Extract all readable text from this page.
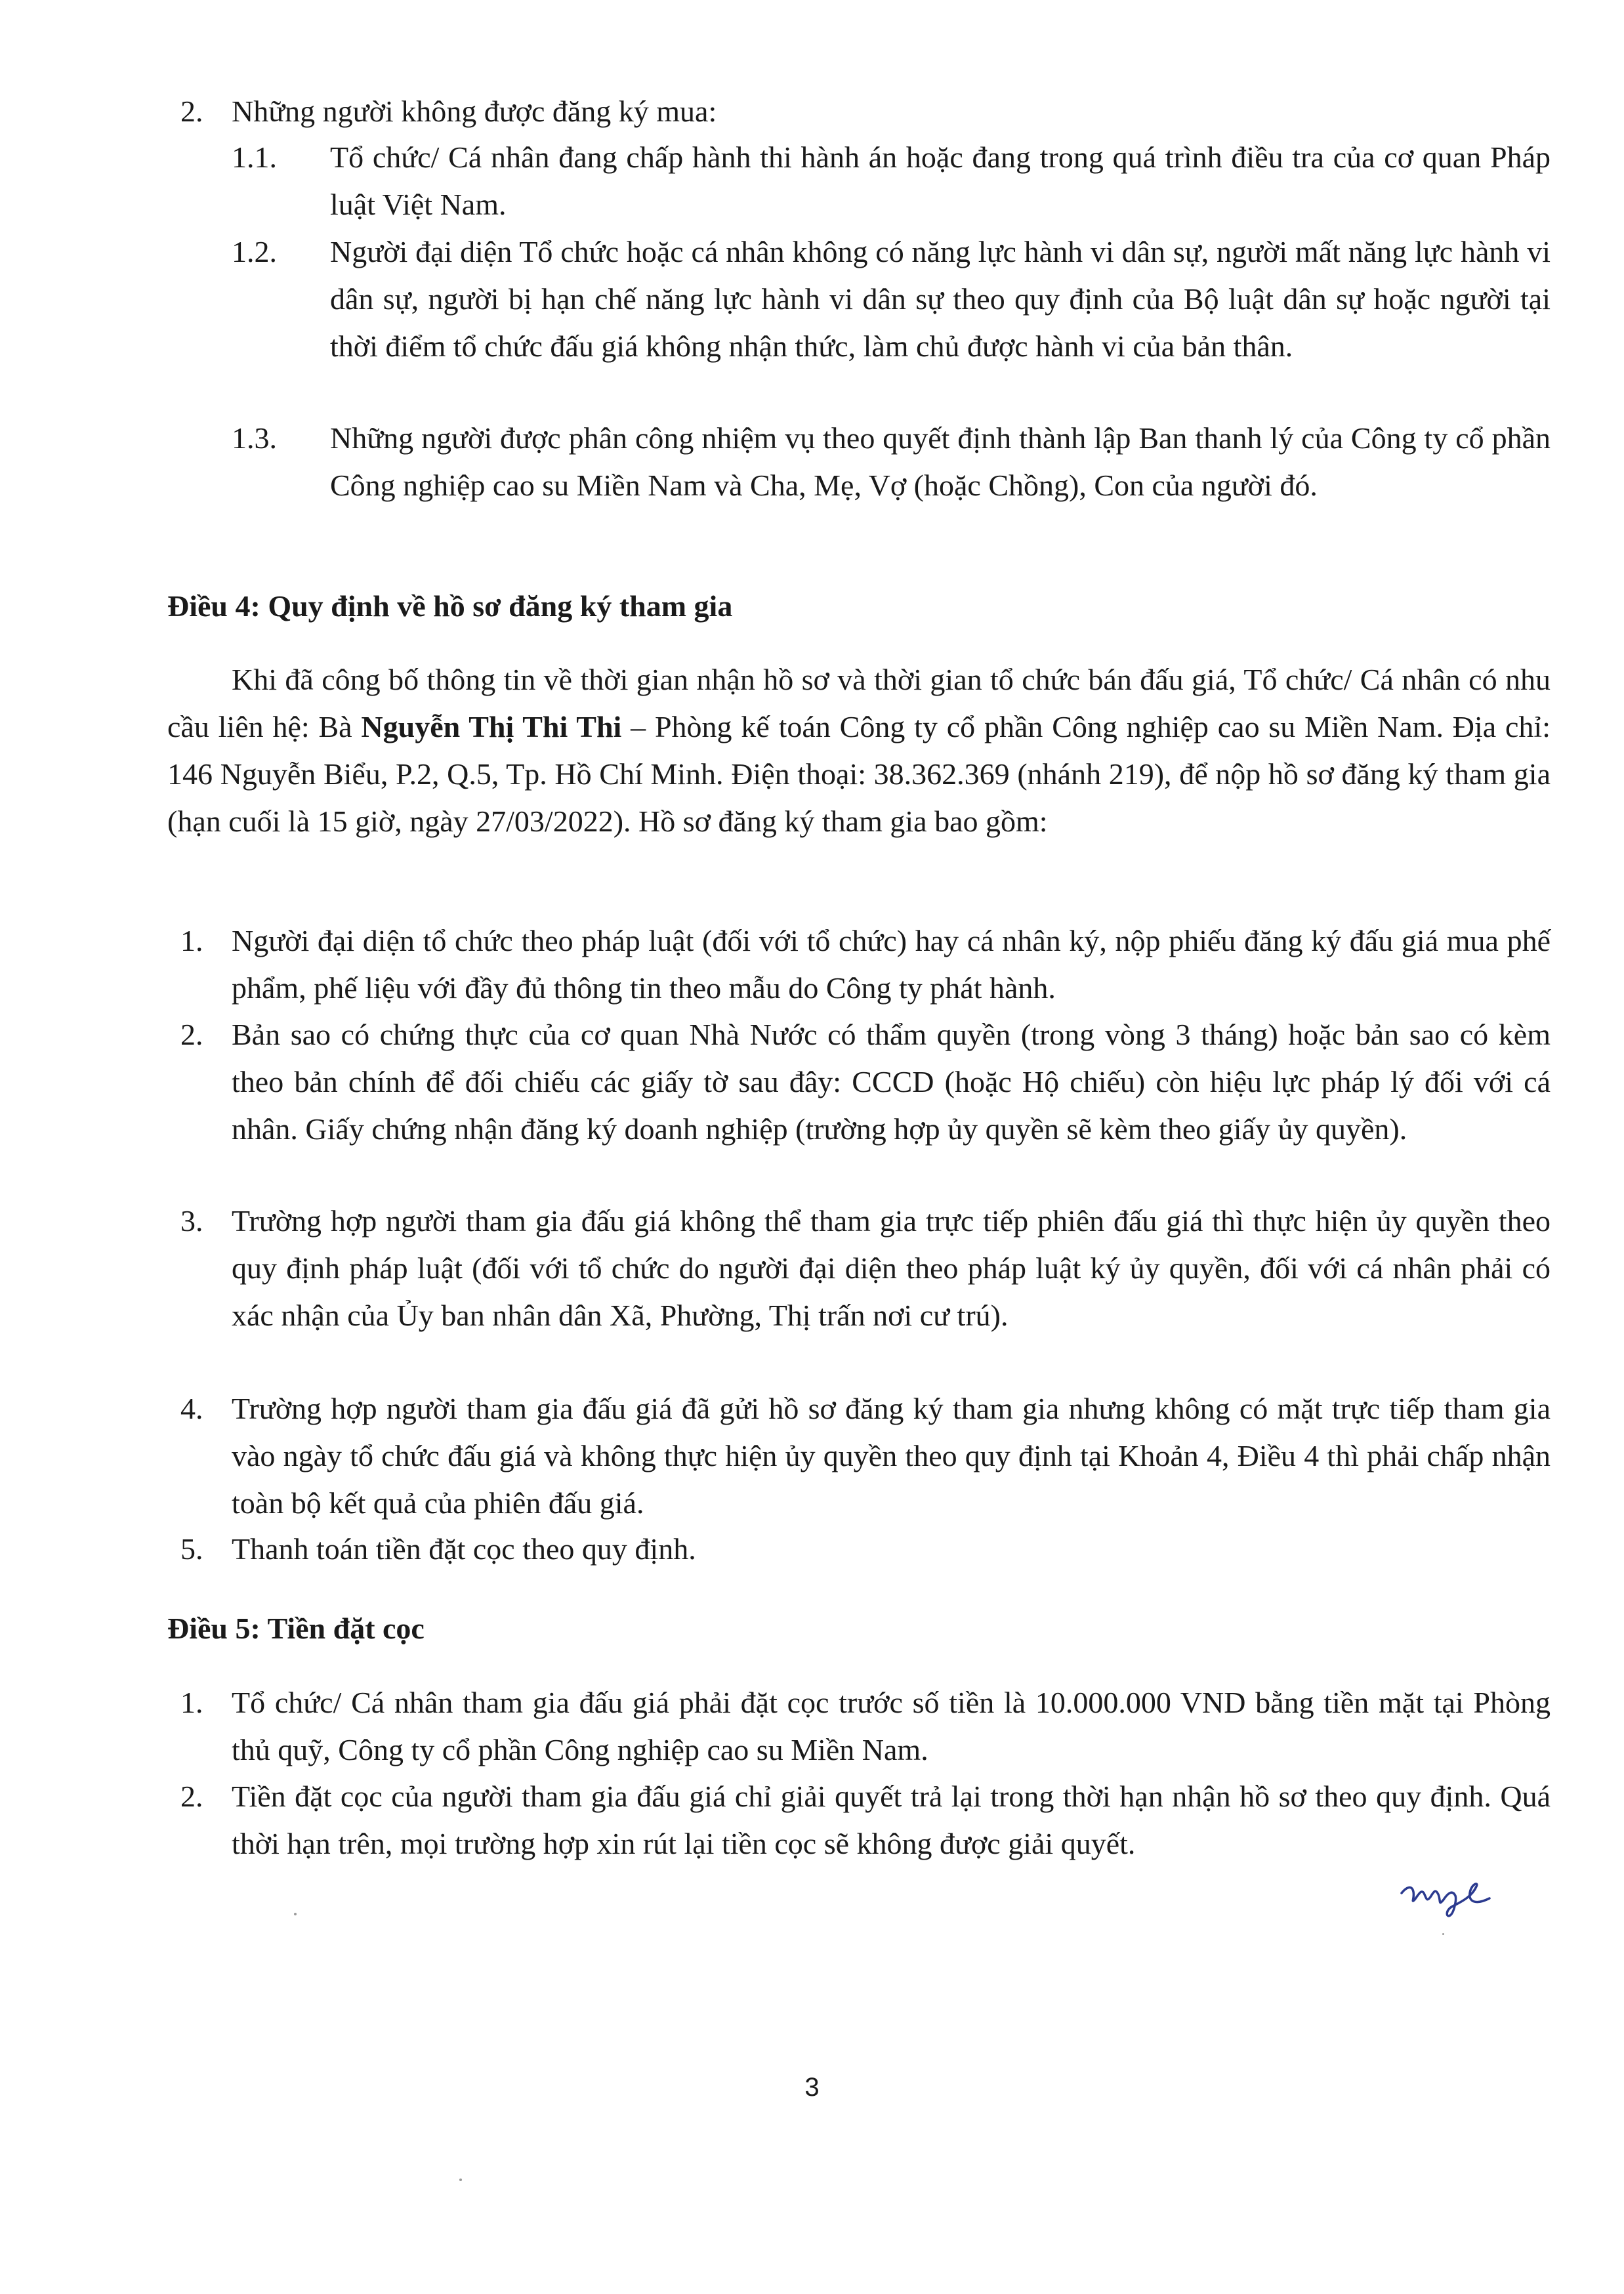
2. Những người không được đăng ký mua:
1.1. Tổ chức/ Cá nhân đang chấp hành thi hành án hoặc đang trong quá trình điều tra của cơ quan Pháp luật Việt Nam.
1.2. Người đại diện Tổ chức hoặc cá nhân không có năng lực hành vi dân sự, người mất năng lực hành vi dân sự, người bị hạn chế năng lực hành vi dân sự theo quy định của Bộ luật dân sự hoặc người tại thời điểm tổ chức đấu giá không nhận thức, làm chủ được hành vi của bản thân.
1.3. Những người được phân công nhiệm vụ theo quyết định thành lập Ban thanh lý của Công ty cổ phần Công nghiệp cao su Miền Nam và Cha, Mẹ, Vợ (hoặc Chồng), Con của người đó.
Điều 4: Quy định về hồ sơ đăng ký tham gia
Khi đã công bố thông tin về thời gian nhận hồ sơ và thời gian tổ chức bán đấu giá, Tổ chức/ Cá nhân có nhu cầu liên hệ: Bà Nguyễn Thị Thi Thi – Phòng kế toán Công ty cổ phần Công nghiệp cao su Miền Nam. Địa chỉ: 146 Nguyễn Biểu, P.2, Q.5, Tp. Hồ Chí Minh. Điện thoại: 38.362.369 (nhánh 219), để nộp hồ sơ đăng ký tham gia (hạn cuối là 15 giờ, ngày 27/03/2022). Hồ sơ đăng ký tham gia bao gồm:
1. Người đại diện tổ chức theo pháp luật (đối với tổ chức) hay cá nhân ký, nộp phiếu đăng ký đấu giá mua phế phẩm, phế liệu với đầy đủ thông tin theo mẫu do Công ty phát hành.
2. Bản sao có chứng thực của cơ quan Nhà Nước có thẩm quyền (trong vòng 3 tháng) hoặc bản sao có kèm theo bản chính để đối chiếu các giấy tờ sau đây: CCCD (hoặc Hộ chiếu) còn hiệu lực pháp lý đối với cá nhân. Giấy chứng nhận đăng ký doanh nghiệp (trường hợp ủy quyền sẽ kèm theo giấy ủy quyền).
3. Trường hợp người tham gia đấu giá không thể tham gia trực tiếp phiên đấu giá thì thực hiện ủy quyền theo quy định pháp luật (đối với tổ chức do người đại diện theo pháp luật ký ủy quyền, đối với cá nhân phải có xác nhận của Ủy ban nhân dân Xã, Phường, Thị trấn nơi cư trú).
4. Trường hợp người tham gia đấu giá đã gửi hồ sơ đăng ký tham gia nhưng không có mặt trực tiếp tham gia vào ngày tổ chức đấu giá và không thực hiện ủy quyền theo quy định tại Khoản 4, Điều 4 thì phải chấp nhận toàn bộ kết quả của phiên đấu giá.
5. Thanh toán tiền đặt cọc theo quy định.
Điều 5: Tiền đặt cọc
1. Tổ chức/ Cá nhân tham gia đấu giá phải đặt cọc trước số tiền là 10.000.000 VND bằng tiền mặt tại Phòng thủ quỹ, Công ty cổ phần Công nghiệp cao su Miền Nam.
2. Tiền đặt cọc của người tham gia đấu giá chỉ giải quyết trả lại trong thời hạn nhận hồ sơ theo quy định. Quá thời hạn trên, mọi trường hợp xin rút lại tiền cọc sẽ không được giải quyết.
3
